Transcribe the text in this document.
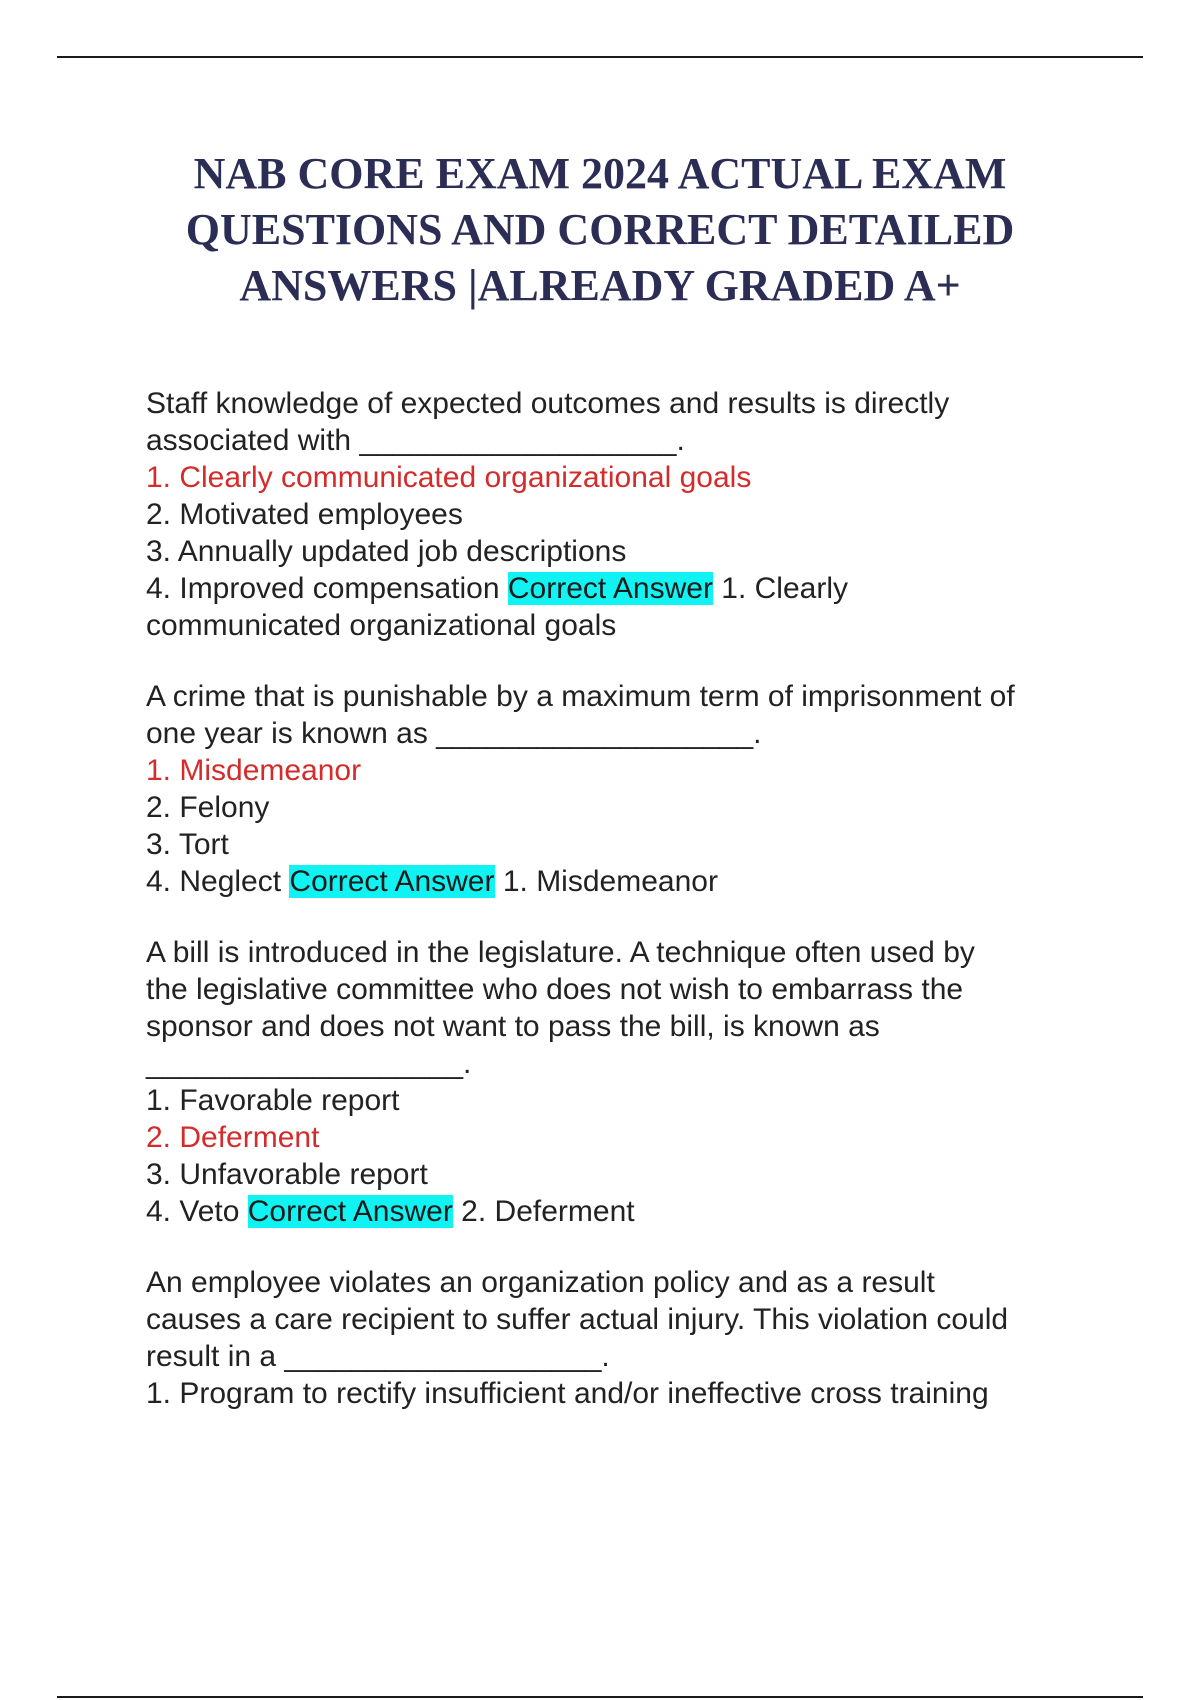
NAB CORE EXAM 2024 ACTUAL EXAM QUESTIONS AND CORRECT DETAILED ANSWERS |ALREADY GRADED A+
Staff knowledge of expected outcomes and results is directly
associated with ___________________.
1. Clearly communicated organizational goals
2. Motivated employees
3. Annually updated job descriptions
4. Improved compensation Correct Answer 1. Clearly
communicated organizational goals
A crime that is punishable by a maximum term of imprisonment of
one year is known as ___________________.
1. Misdemeanor
2. Felony
3. Tort
4. Neglect Correct Answer 1. Misdemeanor
A bill is introduced in the legislature. A technique often used by
the legislative committee who does not wish to embarrass the
sponsor and does not want to pass the bill, is known as
___________________.
1. Favorable report
2. Deferment
3. Unfavorable report
4. Veto Correct Answer 2. Deferment
An employee violates an organization policy and as a result
causes a care recipient to suffer actual injury. This violation could
result in a ___________________.
1. Program to rectify insufficient and/or ineffective cross training
